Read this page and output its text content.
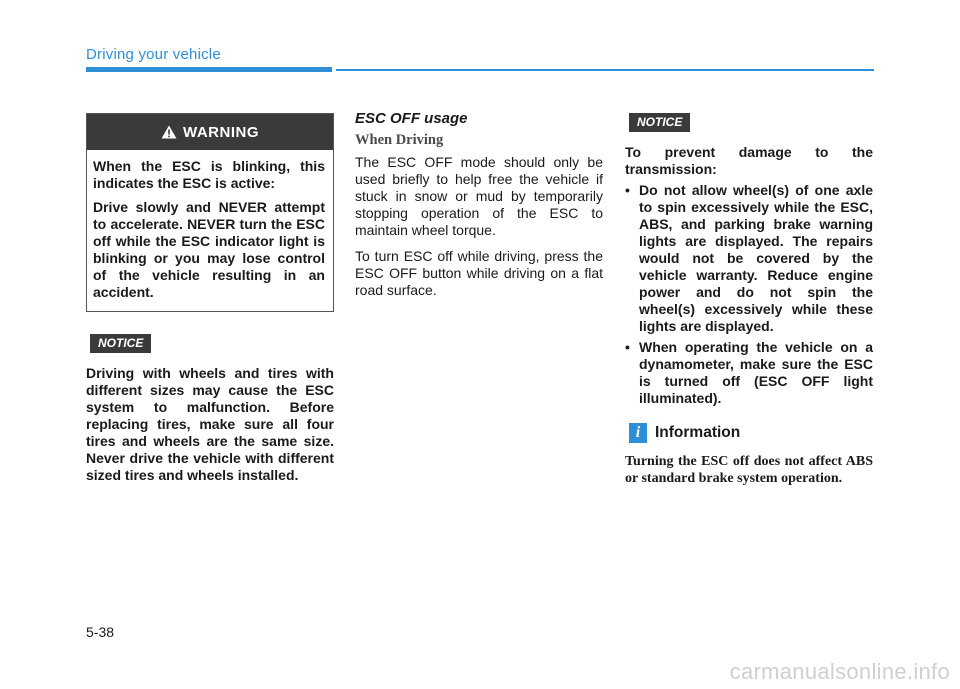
Driving your vehicle
WARNING

When the ESC is blinking, this indicates the ESC is active:

Drive slowly and NEVER attempt to accelerate. NEVER turn the ESC off while the ESC indicator light is blinking or you may lose control of the vehicle resulting in an accident.

NOTICE

Driving with wheels and tires with different sizes may cause the ESC system to malfunction. Before replacing tires, make sure all four tires and wheels are the same size. Never drive the vehicle with different sized tires and wheels installed.

ESC OFF usage
When Driving

The ESC OFF mode should only be used briefly to help free the vehicle if stuck in snow or mud by temporarily stopping operation of the ESC to maintain wheel torque.

To turn ESC off while driving, press the ESC OFF button while driving on a flat road surface.

NOTICE

To prevent damage to the transmission:

• Do not allow wheel(s) of one axle to spin excessively while the ESC, ABS, and parking brake warning lights are displayed. The repairs would not be covered by the vehicle warranty. Reduce engine power and do not spin the wheel(s) excessively while these lights are displayed.
• When operating the vehicle on a dynamometer, make sure the ESC is turned off (ESC OFF light illuminated).
i Information
Turning the ESC off does not affect ABS or standard brake system operation.
5-38
carmanualsonline.info
